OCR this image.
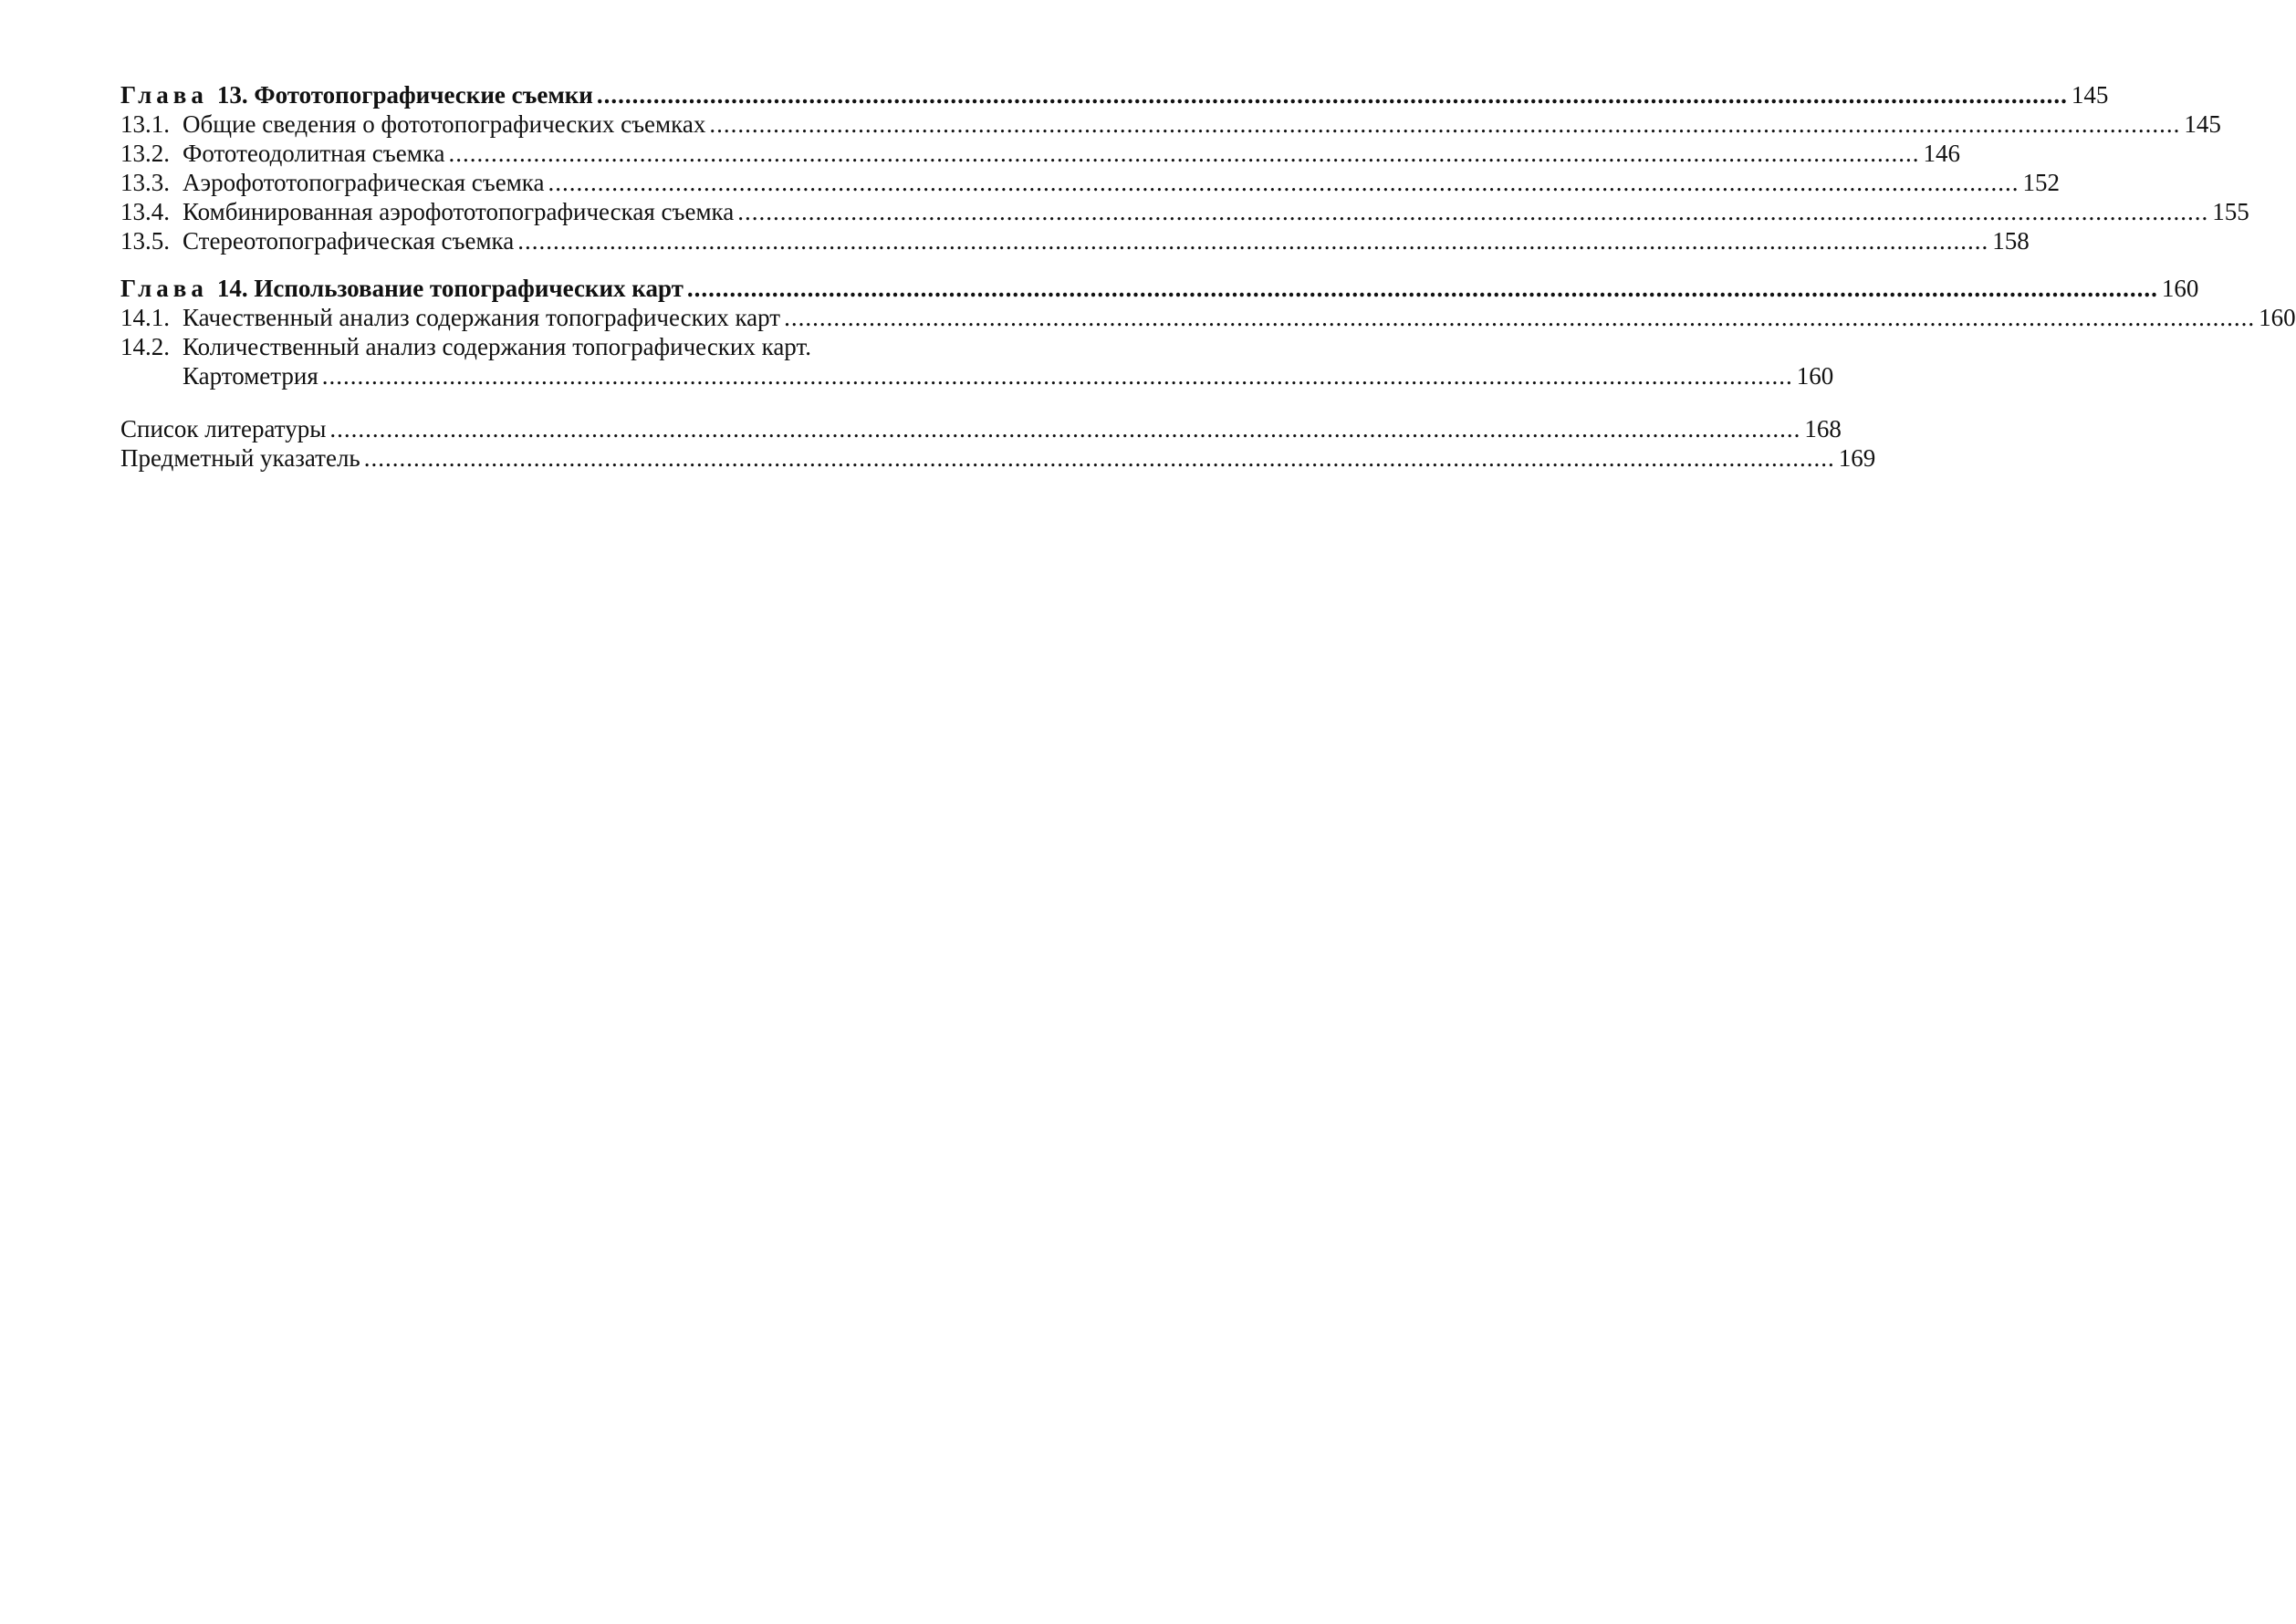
Глава 13. Фототопографические съемки .....	145
13.1. Общие сведения о фототопографических съемках .....	145
13.2. Фототеодолитная съемка .....	146
13.3. Аэрофототопографическая съемка .....	152
13.4. Комбинированная аэрофототопографическая съемка .....	155
13.5. Стереотопографическая съемка .....	158
Глава 14. Использование топографических карт .....	160
14.1. Качественный анализ содержания топографических карт .....	160
14.2. Количественный анализ содержания топографических карт.
Картометрия .....	160
Список литературы .....	168
Предметный указатель .....	169
